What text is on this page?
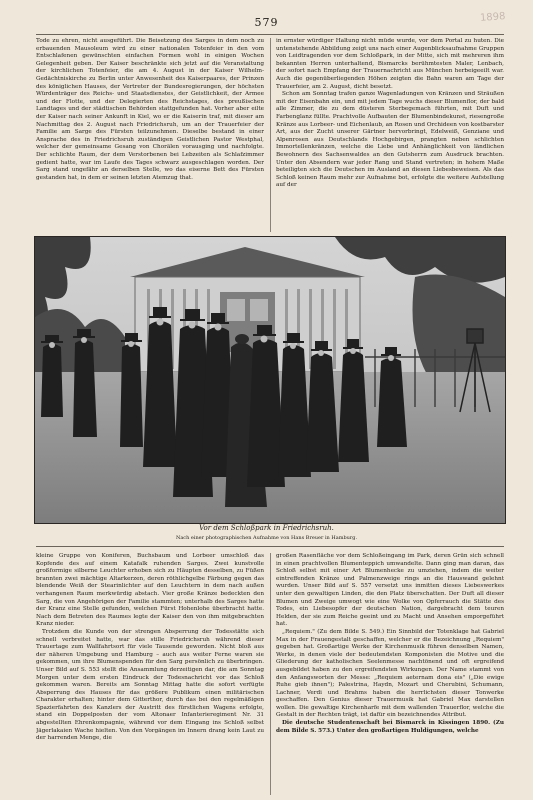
579	1898

Tode zu ehren, nicht ausgeführt. Die Beisetzung des Sarges in dem noch zu erbauenden Mausoleum wird zu einer nationalen Totenfeier in den vom Entschlafenen gewünschten einfachen Formen wohl in einigen Wochen Gelegenheit geben. Der Kaiser beschränkte sich jetzt auf die Veranstaltung der kirchlichen Totenfeier, die am 4. August in der Kaiser Wilhelm-Gedächtniskirche zu Berlin unter Anwesenheit des Kaiserpaares, der Prinzen des königlichen Hauses, der Vertreter der Bundesregierungen, der höchsten Würdenträger des Reichs- und Staatsdienstes, der Geistlichkeit, der Armee und der Flotte, und der Delegierten des Reichstages, des preußischen Landtages und der städtischen Behörden stattgefunden hat. Vorher aber eilte der Kaiser nach seiner Ankunft in Kiel, wo er die Kaiserin traf, mit dieser am Nachmittag des 2. August nach Friedrichsruh, um an der Trauerfeier der Familie am Sarge des Fürsten teilzunehmen. Dieselbe bestand in einer Ansprache des in Friedrichsruh zuständigen Geistlichen Pastor Westphal, welcher der gemeinsame Gesang von Chorälen vorausging und nachfolgte. Der schlichte Raum, der dem Verstorbenen bei Lebzeiten als Schlafzimmer gedient hatte, war im Laufe des Tages schwarz ausgeschlagen worden. Der Sarg stand ungefähr an derselben Stelle, wo das eiserne Bett des Fürsten gestanden hat, in dem er seinen letzten Atemzug that.

in ernster würdiger Haltung nicht müde wurde, vor dem Portal zu huten. Die untenstehende Abbildung zeigt uns nach einer Augenblicksaufnahme Gruppen von Leidtragenden vor dem Schloßpark, in der Mitte, sich mit mehreren ihm bekannten Herren unterhaltend, Bismarcks berühmtesten Maler, Lenbach, der sofort nach Empfang der Trauernachricht aus München herbeigeeilt war. Auch die gegenüberliegenden Höhen zeigten die Bahn waren am Tage der Trauerfeier, am 2. August, dicht besetzt.

Schon am Sonntag trafen ganze Wagenladungen von Kränzen und Sträußen mit der Eisenbahn ein, und mit jedem Tage wuchs dieser Blumenflor, der bald alle Zimmer, die zu dem düsteren Sterbegemach führten, mit Duft und Farbenglanz füllte. Prachtvolle Aufbauten der Blumenbindekunst, riesengroße Kränze aus Lorbeer- und Eichenlaub, an Rosen und Orchideen von kostbarster Art, aus der Zucht unserer Gärtner hervorbringt, Edelweiß, Genziane und Alpenrosen aus Deutschlands Hochgebirgen, prangten neben schlichten Immortellenkränzen, welche die Liebe und Anhänglichkeit von ländlichen Bewohnern des Sachsenwaldes an den Gutsherrn zum Ausdruck brachten. Unter den Absendern war jeder Rang und Stand vertreten; in hohem Maße beteiligten sich die Deutschen im Ausland an diesen Liebesbeweisen. Als das Schloß keinen Raum mehr zur Aufnahme bot, erfolgte die weitere Aufstellung auf der

Vor dem Schloßpark in Friedrichsruh.
Nach einer photographischen Aufnahme von Hans Breuer in Hamburg.

kleine Gruppe von Koniferen, Buchsbaum und Lorbeer umschloß das Kopfende des auf einem Katafalk ruhenden Sarges. Zwei kunstvolle großformige silberne Leuchter erhoben sich zu Häupten desselben, zu Füßen brannten zwei mächtige Altarkerzen, deren röthlichgelbe Färbung gegen das blendende Weiß der Stearinlichter auf den Leuchtern in dem nach außen verhangenen Raum merkwürdig abstach. Vier große Kränze bedeckten den Sarg, die von Angehörigen der Familie stammten; unterhalb des Sarges hatte der Kranz eine Stelle gefunden, welchen Fürst Hohenlohe überbracht hatte. Nach dem Betreten des Raumes legte der Kaiser den von ihm mitgebrachten Kranz nieder.

Trotzdem die Kunde von der strengen Absperrung der Todesstätte sich schnell verbreitet hatte, war das stille Friedrichsruh während dieser Trauertage zum Wallfahrtsort für viele Tausende geworden. Nicht bloß aus der näheren Umgebung und Hamburg – auch aus weiter Ferne waren sie gekommen, um ihre Blumenspenden für den Sarg persönlich zu überbringen. Unser Bild auf S. 553 stellt die Ansammlung derzeitigen dar, die am Sonntag Morgen unter dem ersten Eindruck der Todesnachricht vor das Schloß gekommen waren. Bereits am Sonntag Mittag hatte die sofort verfügte Absperrung des Hauses für das größere Publikum einen militärischen Charakter erhalten; hinter dem Gitterthor, durch das bei den regelmäßigen Spazierfahrten des Kanzlers der Austritt des fürstlichen Wagens erfolgte, stand ein Doppelposten der vom Altonaer Infanterieregiment Nr. 31 abgestellten Ehrenkompagnie, während vor dem Eingang ins Schloß selbst Jägerlakaien Wache hielten. Von den Vorgängen im Innern drang kein Laut zu der harrenden Menge, die

großen Rasenfläche vor dem Schloßeingang im Park, deren Grün sich schnell in einen prachtvollen Blumenteppich umwandelte. Dann ging man daran, das Schloß selbst mit einer Art Blumenhecke zu umziehen, indem die weiter eintreffenden Kränze und Palmenzweige rings an die Hauswand gelehnt wurden. Unser Bild auf S. 557 versetzt uns inmitten dieses Liebeswerkes unter den gewaltigen Linden, die den Platz überschatten. Der Duft all dieser Blumen und Zweige umwogt wie eine Wolke von Opferrauch die Stätte des Todes, ein Liebesopfer der deutschen Nation, dargebracht dem teuren Helden, der sie zum Reiche geeint und zu Macht und Ansehen emporgeführt hat.

„Requiem." (Zu dem Bilde S. 549.) Ein Sinnbild der Totenklage hat Gabriel Max in der Frauengestalt geschaffen, welcher er die Bezeichnung „Requiem" gegeben hat. Großartige Werke der Kirchenmusik führen denselben Namen, Werke, in denen viele der bedeutendsten Komponisten die Motive und die Gliederung der katholischen Seelenmesse nachtönend und oft ergreifend ausgebildet haben zu den ergreifendsten Wirkungen. Der Name stammt von den Anfangsworten der Messe: „Requiem aeternam dona eis" („Die ewige Ruhe gieb ihnen"); Palestrina, Haydn, Mozart und Cherubini, Schumann, Lachner, Verdi und Brahms haben die herrlichsten dieser Tonwerke geschaffen. Den Genius dieser Trauermusik hat Gabriel Max darstellen wollen. Die gewaltige Kirchenharfe mit dem wallenden Trauerflor, welche die Gestalt in der Rechten trägt, ist dafür ein bezeichnendes Attribut.

Die deutsche Studentenschaft bei Bismarck in Kissingen 1890. (Zu dem Bilde S. 573.) Unter den großartigen Huldigungen, welche
